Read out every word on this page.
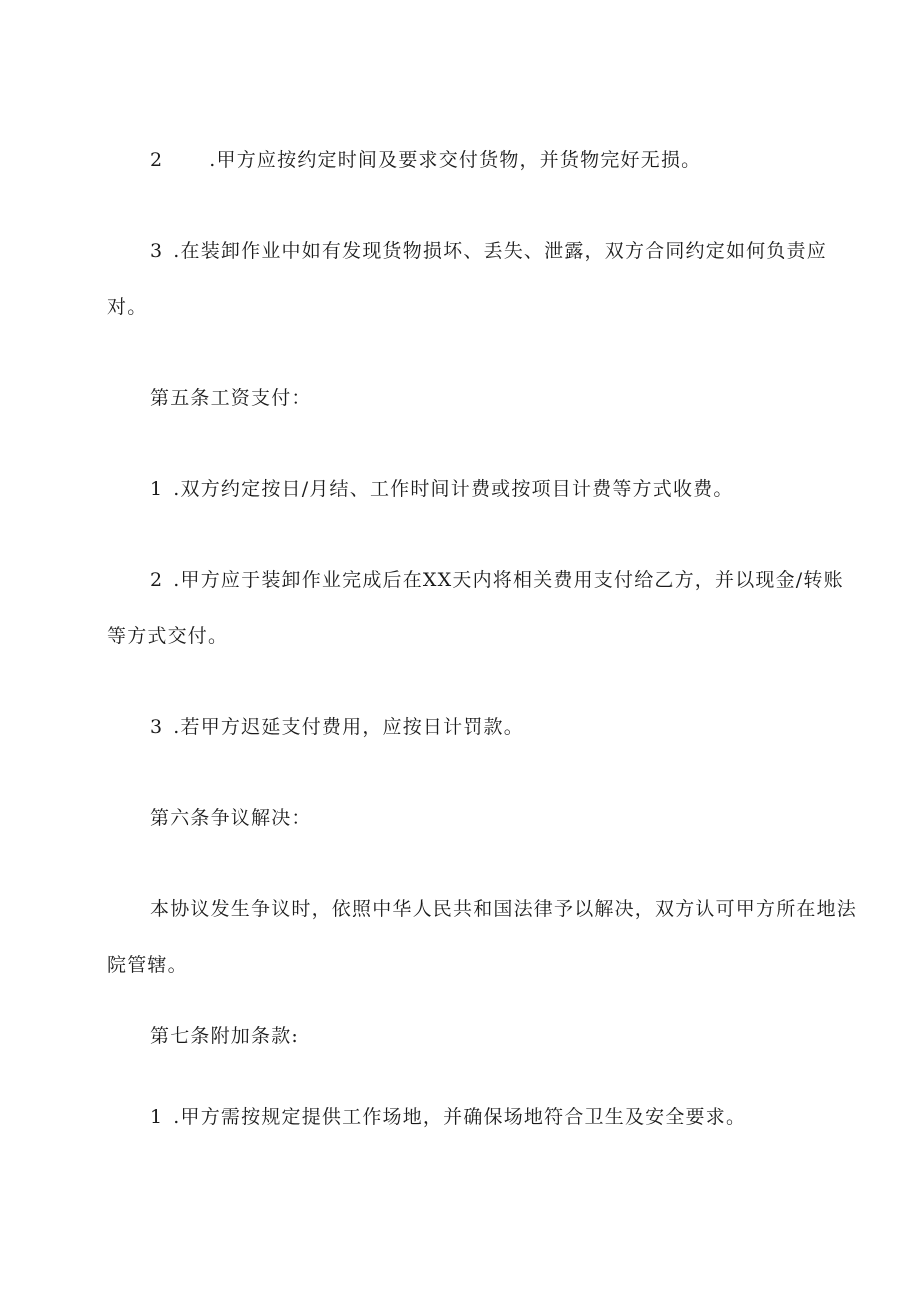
2 .甲方应按约定时间及要求交付货物，并货物完好无损。
3 .在装卸作业中如有发现货物损坏、丢失、泄露，双方合同约定如何负责应
对。
第五条工资支付：
1 .双方约定按日/月结、工作时间计费或按项目计费等方式收费。
2 .甲方应于装卸作业完成后在XX天内将相关费用支付给乙方，并以现金/转账
等方式交付。
3 .若甲方迟延支付费用，应按日计罚款。
第六条争议解决：
本协议发生争议时，依照中华人民共和国法律予以解决，双方认可甲方所在地法
院管辖。
第七条附加条款:
1 .甲方需按规定提供工作场地，并确保场地符合卫生及安全要求。
